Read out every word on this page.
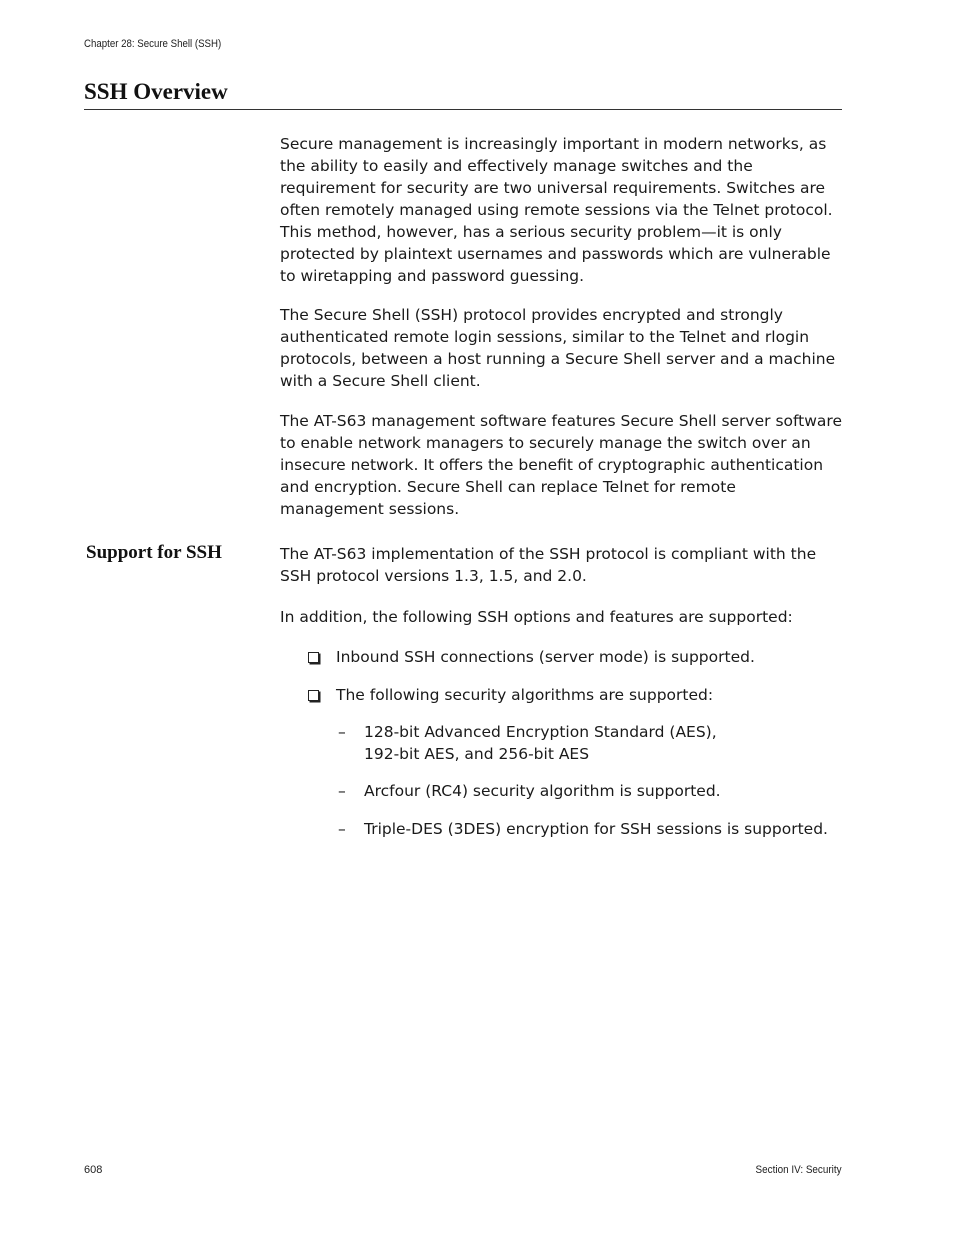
Chapter 28: Secure Shell (SSH)
SSH Overview

Secure management is increasingly important in modern networks, as the ability to easily and effectively manage switches and the requirement for security are two universal requirements. Switches are often remotely managed using remote sessions via the Telnet protocol. This method, however, has a serious security problem—it is only protected by plaintext usernames and passwords which are vulnerable to wiretapping and password guessing.

The Secure Shell (SSH) protocol provides encrypted and strongly authenticated remote login sessions, similar to the Telnet and rlogin protocols, between a host running a Secure Shell server and a machine with a Secure Shell client.

The AT-S63 management software features Secure Shell server software to enable network managers to securely manage the switch over an insecure network. It offers the benefit of cryptographic authentication and encryption. Secure Shell can replace Telnet for remote management sessions.

Support for SSH	The AT-S63 implementation of the SSH protocol is compliant with the SSH protocol versions 1.3, 1.5, and 2.0.

In addition, the following SSH options and features are supported:

Inbound SSH connections (server mode) is supported.
The following security algorithms are supported:
– 128-bit Advanced Encryption Standard (AES),
192-bit AES, and 256-bit AES
– Arcfour (RC4) security algorithm is supported.
– Triple-DES (3DES) encryption for SSH sessions is supported.
608	Section IV: Security
